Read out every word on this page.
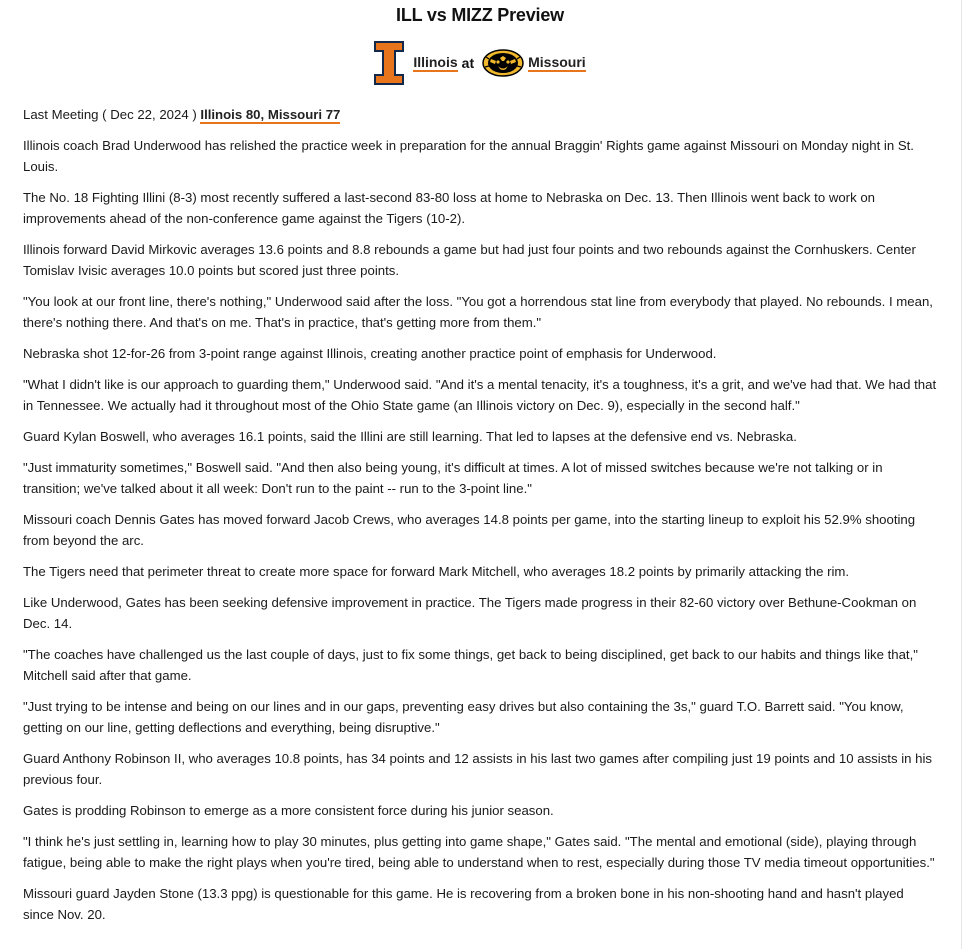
ILL vs MIZZ Preview
Illinois at	Missouri
Last Meeting ( Dec 22, 2024 ) Illinois 80, Missouri 77

Illinois coach Brad Underwood has relished the practice week in preparation for the annual Braggin' Rights game against Missouri on Monday night in St. Louis.

The No. 18 Fighting Illini (8-3) most recently suffered a last-second 83-80 loss at home to Nebraska on Dec. 13. Then Illinois went back to work on improvements ahead of the non-conference game against the Tigers (10-2).

Illinois forward David Mirkovic averages 13.6 points and 8.8 rebounds a game but had just four points and two rebounds against the Cornhuskers. Center Tomislav Ivisic averages 10.0 points but scored just three points.

"You look at our front line, there's nothing," Underwood said after the loss. "You got a horrendous stat line from everybody that played. No rebounds. I mean, there's nothing there. And that's on me. That's in practice, that's getting more from them."

Nebraska shot 12-for-26 from 3-point range against Illinois, creating another practice point of emphasis for Underwood.

"What I didn't like is our approach to guarding them," Underwood said. "And it's a mental tenacity, it's a toughness, it's a grit, and we've had that. We had that in Tennessee. We actually had it throughout most of the Ohio State game (an Illinois victory on Dec. 9), especially in the second half."

Guard Kylan Boswell, who averages 16.1 points, said the Illini are still learning. That led to lapses at the defensive end vs. Nebraska.

"Just immaturity sometimes," Boswell said. "And then also being young, it's difficult at times. A lot of missed switches because we're not talking or in transition; we've talked about it all week: Don't run to the paint -- run to the 3-point line."

Missouri coach Dennis Gates has moved forward Jacob Crews, who averages 14.8 points per game, into the starting lineup to exploit his 52.9% shooting from beyond the arc.

The Tigers need that perimeter threat to create more space for forward Mark Mitchell, who averages 18.2 points by primarily attacking the rim.

Like Underwood, Gates has been seeking defensive improvement in practice. The Tigers made progress in their 82-60 victory over Bethune-Cookman on Dec. 14.

"The coaches have challenged us the last couple of days, just to fix some things, get back to being disciplined, get back to our habits and things like that," Mitchell said after that game.

"Just trying to be intense and being on our lines and in our gaps, preventing easy drives but also containing the 3s," guard T.O. Barrett said. "You know, getting on our line, getting deflections and everything, being disruptive."

Guard Anthony Robinson II, who averages 10.8 points, has 34 points and 12 assists in his last two games after compiling just 19 points and 10 assists in his previous four.

Gates is prodding Robinson to emerge as a more consistent force during his junior season.

"I think he's just settling in, learning how to play 30 minutes, plus getting into game shape," Gates said. "The mental and emotional (side), playing through fatigue, being able to make the right plays when you're tired, being able to understand when to rest, especially during those TV media timeout opportunities."

Missouri guard Jayden Stone (13.3 ppg) is questionable for this game. He is recovering from a broken bone in his non-shooting hand and hasn't played since Nov. 20.
